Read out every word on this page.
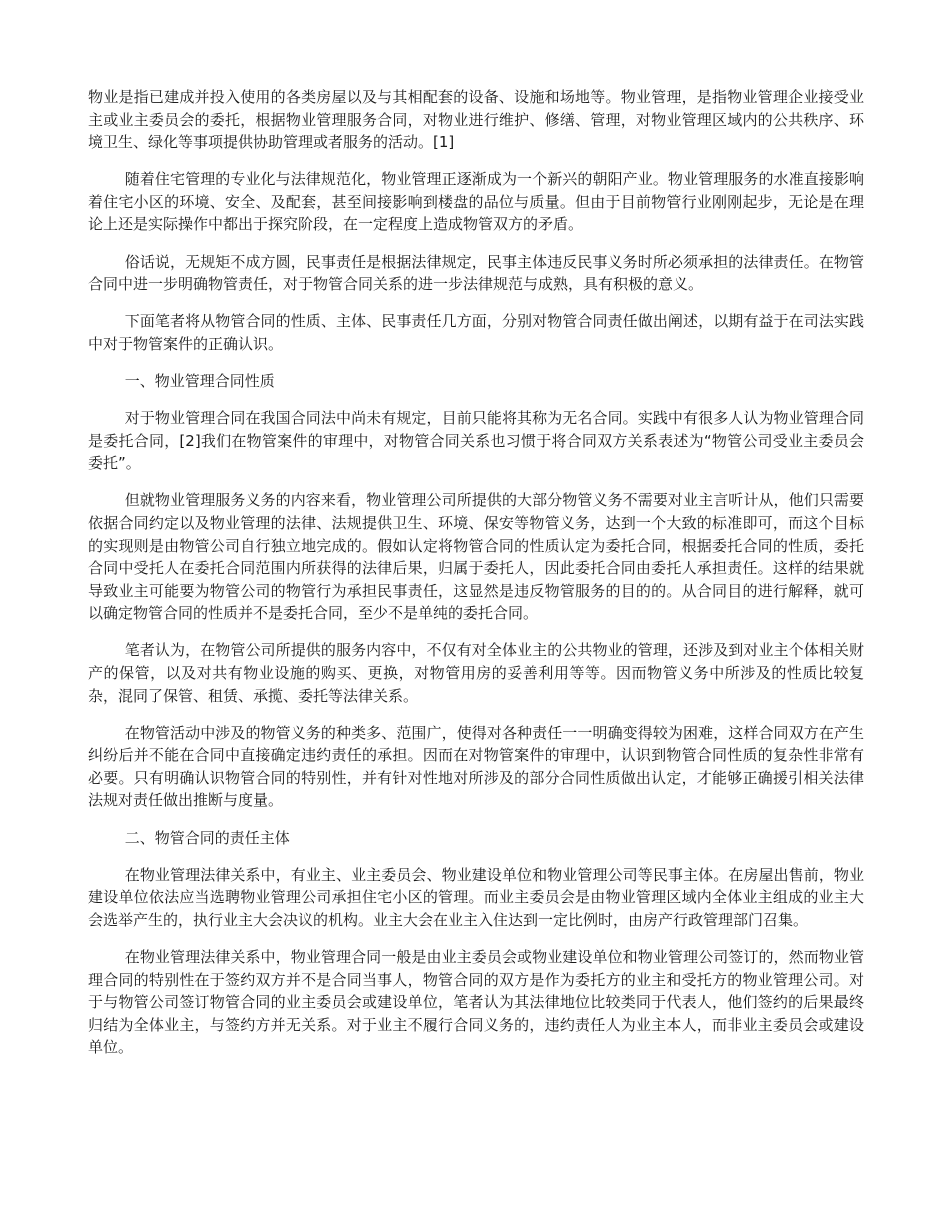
物业是指已建成并投入使用的各类房屋以及与其相配套的设备、设施和场地等。物业管理，是指物业管理企业接受业主或业主委员会的委托，根据物业管理服务合同，对物业进行维护、修缮、管理，对物业管理区域内的公共秩序、环境卫生、绿化等事项提供协助管理或者服务的活动。[1]

随着住宅管理的专业化与法律规范化，物业管理正逐渐成为一个新兴的朝阳产业。物业管理服务的水准直接影响着住宅小区的环境、安全、及配套，甚至间接影响到楼盘的品位与质量。但由于目前物管行业刚刚起步，无论是在理论上还是实际操作中都出于探究阶段，在一定程度上造成物管双方的矛盾。

俗话说，无规矩不成方圆，民事责任是根据法律规定，民事主体违反民事义务时所必须承担的法律责任。在物管合同中进一步明确物管责任，对于物管合同关系的进一步法律规范与成熟，具有积极的意义。

下面笔者将从物管合同的性质、主体、民事责任几方面，分别对物管合同责任做出阐述，以期有益于在司法实践中对于物管案件的正确认识。

一、物业管理合同性质

对于物业管理合同在我国合同法中尚未有规定，目前只能将其称为无名合同。实践中有很多人认为物业管理合同是委托合同，[2]我们在物管案件的审理中，对物管合同关系也习惯于将合同双方关系表述为“物管公司受业主委员会委托”。

但就物业管理服务义务的内容来看，物业管理公司所提供的大部分物管义务不需要对业主言听计从，他们只需要依据合同约定以及物业管理的法律、法规提供卫生、环境、保安等物管义务，达到一个大致的标准即可，而这个目标的实现则是由物管公司自行独立地完成的。假如认定将物管合同的性质认定为委托合同，根据委托合同的性质，委托合同中受托人在委托合同范围内所获得的法律后果，归属于委托人，因此委托合同由委托人承担责任。这样的结果就导致业主可能要为物管公司的物管行为承担民事责任，这显然是违反物管服务的目的的。从合同目的进行解释，就可以确定物管合同的性质并不是委托合同，至少不是单纯的委托合同。

笔者认为，在物管公司所提供的服务内容中，不仅有对全体业主的公共物业的管理，还涉及到对业主个体相关财产的保管，以及对共有物业设施的购买、更换，对物管用房的妥善利用等等。因而物管义务中所涉及的性质比较复杂，混同了保管、租赁、承揽、委托等法律关系。

在物管活动中涉及的物管义务的种类多、范围广，使得对各种责任一一明确变得较为困难，这样合同双方在产生纠纷后并不能在合同中直接确定违约责任的承担。因而在对物管案件的审理中，认识到物管合同性质的复杂性非常有必要。只有明确认识物管合同的特别性，并有针对性地对所涉及的部分合同性质做出认定，才能够正确援引相关法律法规对责任做出推断与度量。

二、物管合同的责任主体

在物业管理法律关系中，有业主、业主委员会、物业建设单位和物业管理公司等民事主体。在房屋出售前，物业建设单位依法应当选聘物业管理公司承担住宅小区的管理。而业主委员会是由物业管理区域内全体业主组成的业主大会选举产生的，执行业主大会决议的机构。业主大会在业主入住达到一定比例时，由房产行政管理部门召集。

在物业管理法律关系中，物业管理合同一般是由业主委员会或物业建设单位和物业管理公司签订的，然而物业管理合同的特别性在于签约双方并不是合同当事人，物管合同的双方是作为委托方的业主和受托方的物业管理公司。对于与物管公司签订物管合同的业主委员会或建设单位，笔者认为其法律地位比较类同于代表人，他们签约的后果最终归结为全体业主，与签约方并无关系。对于业主不履行合同义务的，违约责任人为业主本人，而非业主委员会或建设单位。
